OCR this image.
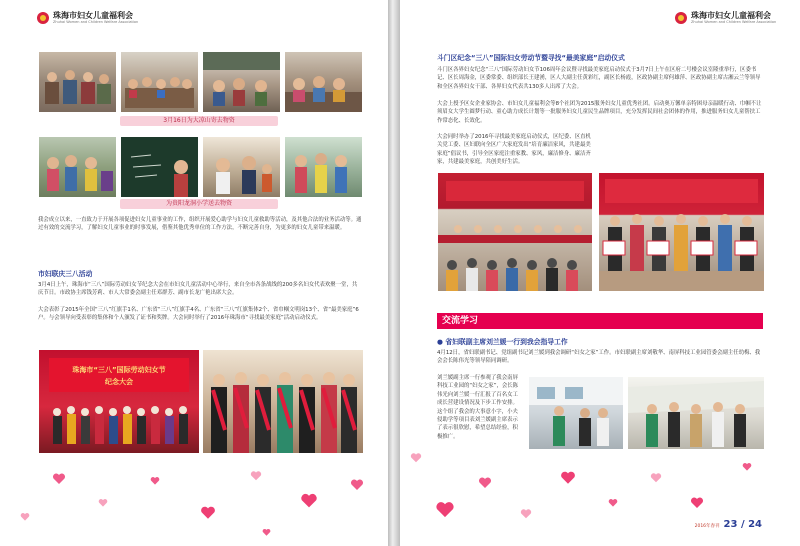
珠海市妇女儿童福利会
Zhuhai Women and Children Welfare Association
3月16日为大凉山寄去物资
为贵阳龙洞小学送去物资

我会成立以来，一直致力于开展各项促进妇女儿童事业的工作，组织开展爱心助学与妇女儿童救助等活动，及其他合法的业务活动等。通过有效的交流学习，了解妇女儿童事业的时事发展，借鉴其他优秀单位的工作方法，不断完善自身，为更多的妇女儿童带来温暖。

市妇联庆三八活动

3月4日上午，珠海市“三八”国际劳动妇女节纪念大会在市妇女儿童活动中心举行，来自全市各条战线的200多名妇女代表欢聚一堂，共庆节日。市政协主席钱芳莉、市人大常委会副主任邓群芳、副市长龙广艳出席大会。

大会表彰了2015年全国“三八”红旗手1名、广东省“三八”红旗手4名、广东省“三八”红旗集体2个、省巾帼文明岗13个、省“最美家庭”6户。与会领导向受表彰的集体和个人颁发了证书和奖牌。大会同时举行了2016年珠海市“寻找最美家庭”活动启动仪式。

珠海市“三八”国际劳动妇女节
纪念大会
珠海市妇女儿童福利会
Zhuhai Women and Children Welfare Association
斗门区纪念“三八”国际妇女劳动节暨寻找“最美家庭”启动仪式

斗门区各界妇女纪念“三八”国际劳动妇女节106周年会议暨寻找最美家庭启动仪式于3月7日上午在区府二号楼会议室隆重举行，区委书记、区长周海金，区委常委、组织部长王建湧，区人大副主任黄彩红，副区长杨霞，区政协副主席何雄萍、区政协副主席古湘云兰等领导和全区各界妇女干部、各界妇女代表共130多人出席了大会。

大会上授予区女企业家协会、市妇女儿童福利会等8个社团为2015服务妇女儿童优秀社团。启动奥万馨单亲特困母亲温暖行动、巾帼不让须眉女大学生圆梦行动、童心助力成长计划等一批服务妇女儿童民生品牌项目，充分发挥民间社会团体的作用，推进服务妇女儿童帮扶工作常态化、长效化。

大会同时举办了2016年寻找最美家庭启动仪式，区纪委、区直机关党工委、区妇联向全区广大家庭发出“培育廉洁家风，共建最美家庭”倡议书，引导全区家庭注重家教、家风，廉洁修身、廉洁齐家，共建最美家庭，共创美好生活。

交流学习
● 省妇联副主席刘兰媛一行到我会指导工作

4月12日，省妇联副书记、党组副书记刘兰媛到我会调研“妇女之家”工作。市妇联副主席刘敬华、南屏科技工业园管委会副主任幼梅、我会会长陈伟光等领导陪同调研。

刘兰媛副主席一行参观了我会南屏科技工业园的“妇女之家”，会长陈伟光向刘兰媛一行汇报了百名女工成长营建设情况及下步工作安排。这个组了我会的大事意小字，小夫侵助学等项目表刘兰媛副主席表示了表示很欣慰，希望总结经验，积极推广。

2016年春刊 23 / 24
